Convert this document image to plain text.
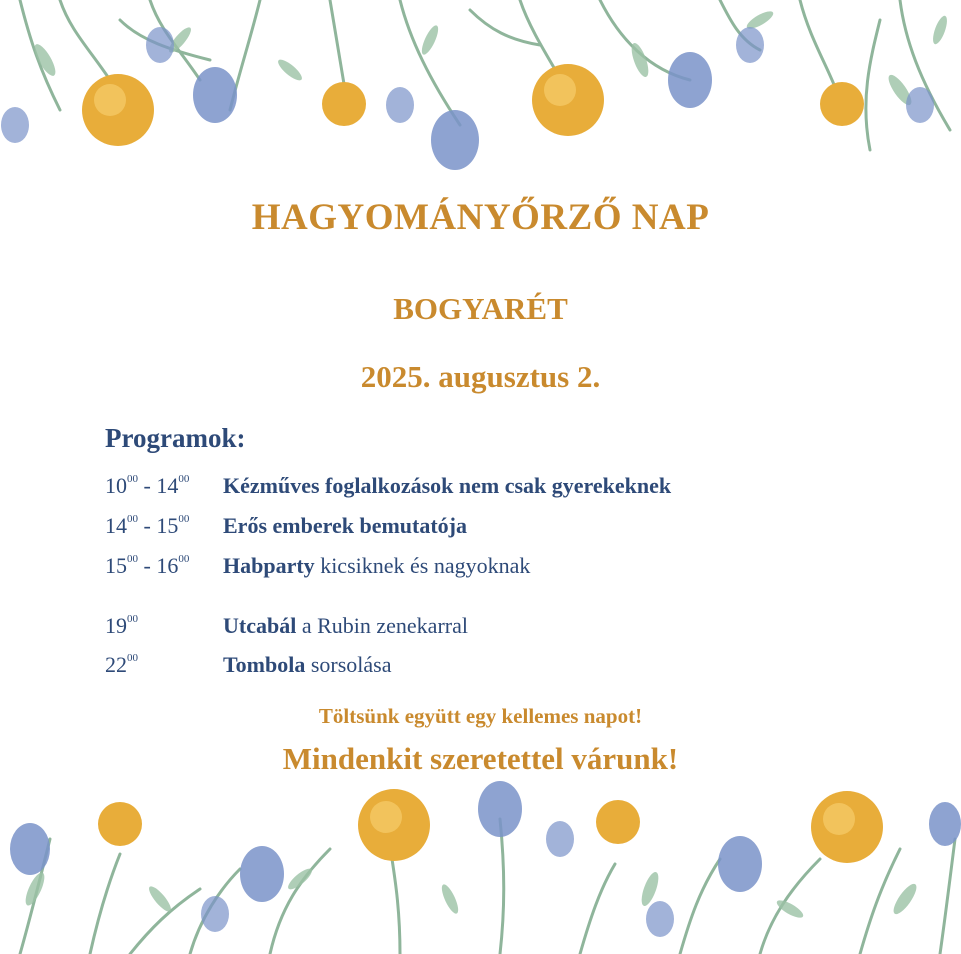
HAGYOMÁNYŐRZŐ NAP
BOGYARÉT
2025. augusztus 2.
Programok:
$10^{00} - 14^{00}$	Kézműves foglalkozások nem csak gyerekeknek
$14^{00} - 15^{00}$	Erős emberek bemutatója
$15^{00} - 16^{00}$	Habparty kicsiknek és nagyoknak
$19^{00}$	Utcabál a Rubin zenekarral
$22^{00}$	Tombola sorsolása

Töltsünk együtt egy kellemes napot!

Mindenkit szeretettel várunk!
